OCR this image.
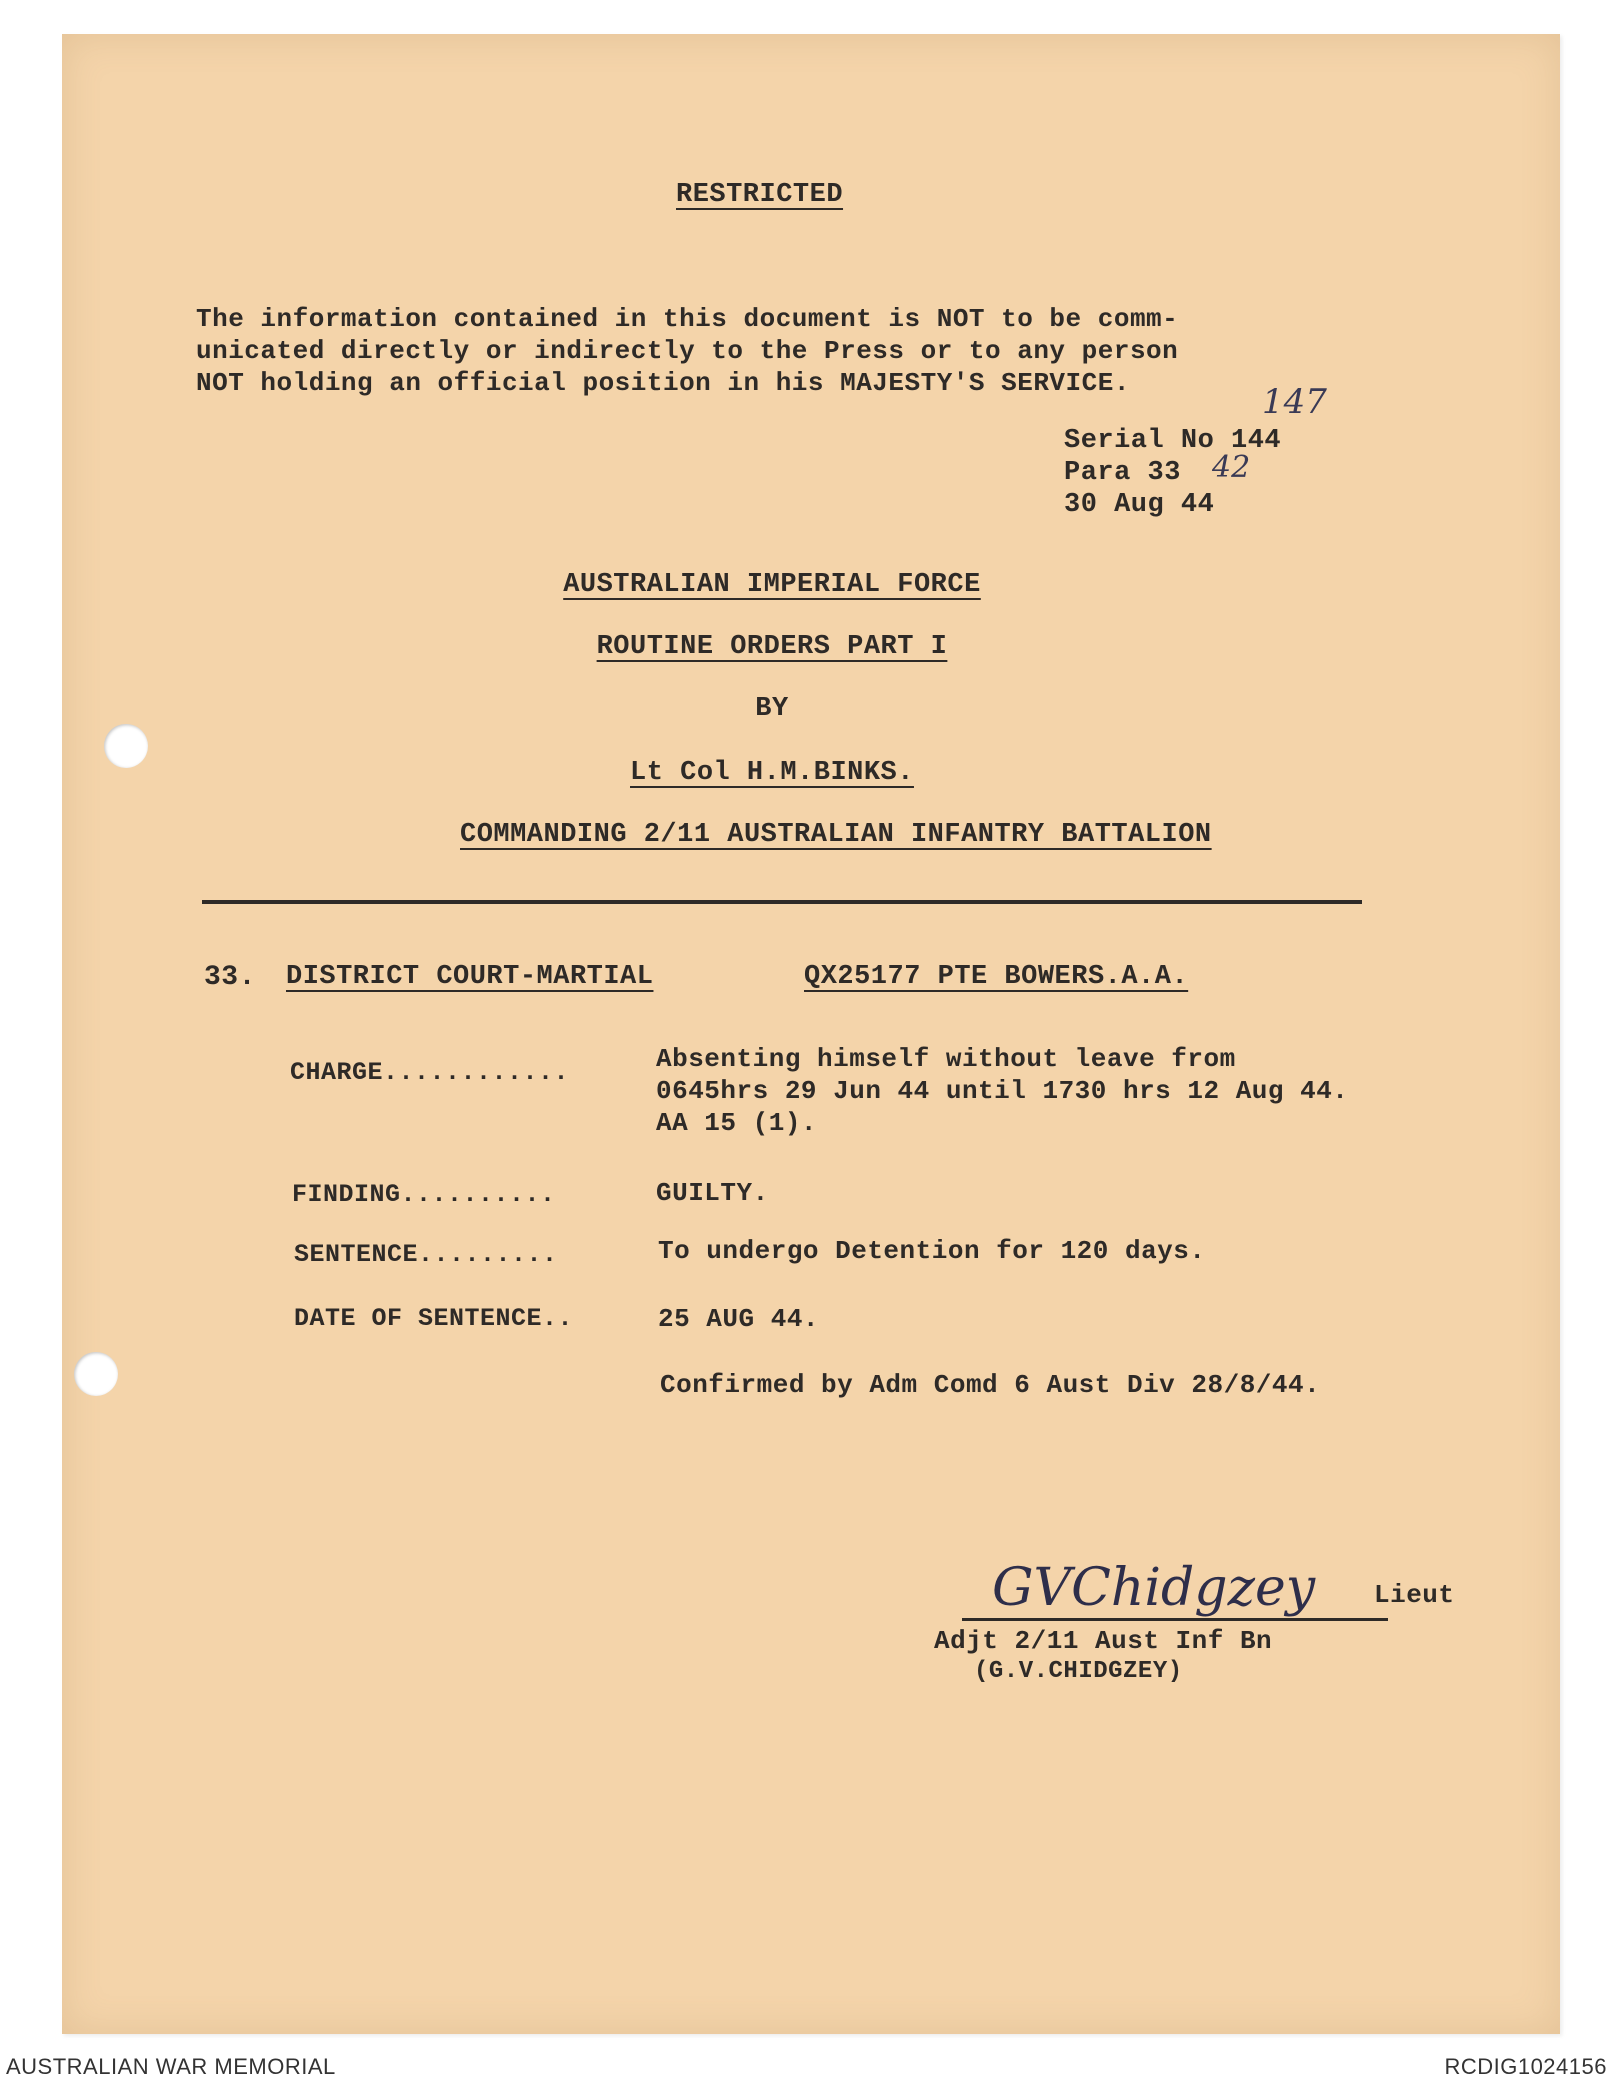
RESTRICTED
The information contained in this document is NOT to be comm-
unicated directly or indirectly to the Press or to any person
NOT holding an official position in his MAJESTY'S SERVICE.	147
Serial No 144
Para 33 42
30 Aug 44
AUSTRALIAN IMPERIAL FORCE
ROUTINE ORDERS PART I
BY
Lt Col H.M.BINKS.
COMMANDING 2/11 AUSTRALIAN INFANTRY BATTALION
33. DISTRICT COURT-MARTIAL	QX25177 PTE BOWERS.A.A.
CHARGE............	Absenting himself without leave from
0645hrs 29 Jun 44 until 1730 hrs 12 Aug 44.
AA 15 (1).
FINDING..........	GUILTY.
SENTENCE.........	To undergo Detention for 120 days.
DATE OF SENTENCE..	25 AUG 44.
Confirmed by Adm Comd 6 Aust Div 28/8/44.
GVChidgzey Lieut
Adjt 2/11 Aust Inf Bn
(G.V.CHIDGZEY)
AUSTRALIAN WAR MEMORIAL	RCDIG1024156
